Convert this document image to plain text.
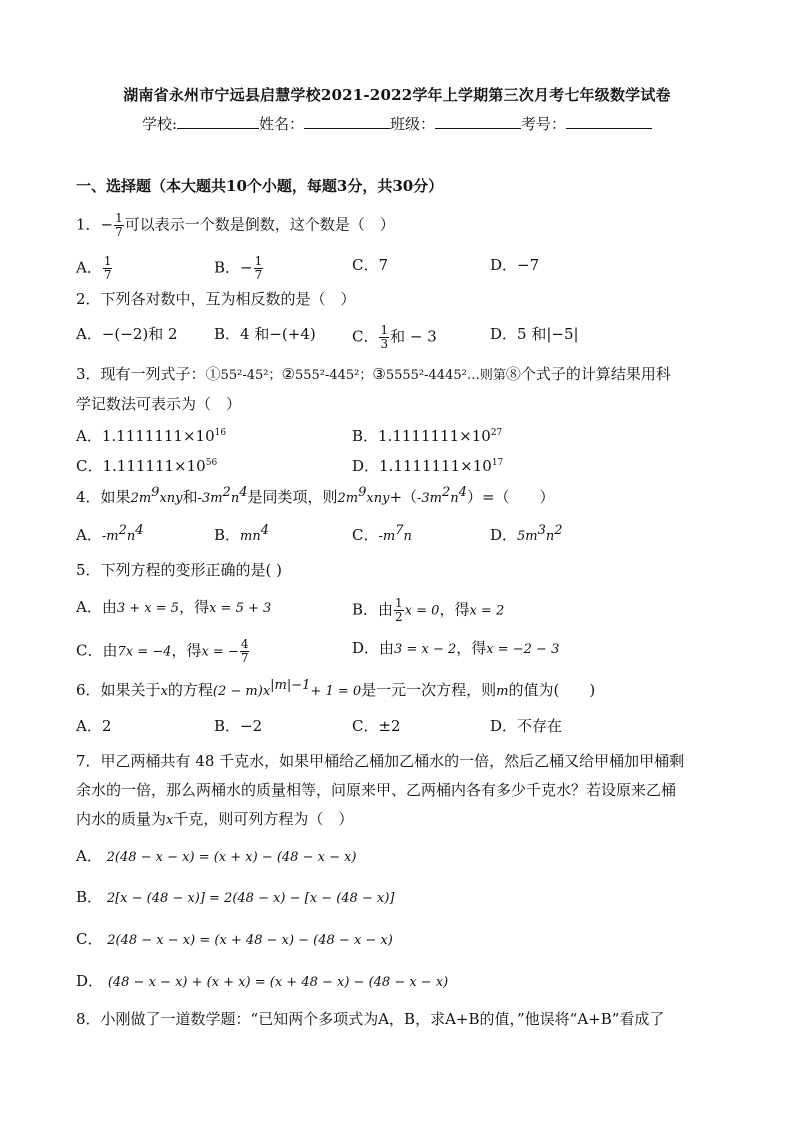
湖南省永州市宁远县启慧学校2021-2022学年上学期第三次月考七年级数学试卷
学校:	姓名：	班级：	考号：
一、选择题（本大题共10个小题，每题3分，共30分）
1．− $\frac{1}{7}$ 可以表示一个数是倒数，这个数是（　）
A． $\frac{1}{7}$	B．− $\frac{1}{7}$	C．7	D．−7
2．下列各对数中，互为相反数的是（　）
A．−(−2)和 2 B．4 和−(+4) C． $\frac{1}{3}$ 和 − 3	D．5 和|−5|
3．现有一列式子：①55²-45²；②555²-445²；③5555²-4445²…则第⑧个式子的计算结果用科
学记数法可表示为（　）
A．$1.1111111\times 10^{16}$	B．$1.1111111\times 10^{27}$
C．$1.111111\times 10^{56}$	D．$1.1111111\times 10^{17}$
4．如果$2m^9xny$和$-3m^2n^4$是同类项，则$2m^9xny+(-3m^2n^4)=$（　　）
A．$-m^2n^4$	B．$mn^4$	C．$-m^7n$	D．$5m^3n^2$
5．下列方程的变形正确的是( )
A．由3 + x = 5，得x = 5 + 3	B．由 $\frac{1}{2}$ x = 0，得x = 2
C．由7x = −4，得x = − $\frac{4}{7}$	D．由3 = x − 2，得x = −2 − 3
6．如果关于x的方程$(2 - m)x^{|m|-1}+ 1 = 0$是一元一次方程，则m的值为(　　)
A．2	B．−2	C．±2	D．不存在
7．甲乙两桶共有 48 千克水，如果甲桶给乙桶加乙桶水的一倍，然后乙桶又给甲桶加甲桶剩
余水的一倍，那么两桶水的质量相等，问原来甲、乙两桶内各有多少千克水？若设原来乙桶
内水的质量为x千克，则可列方程为（　）
A． 2(48 − x − x) = (x + x) − (48 − x − x)
B． 2[x − (48 − x)] = 2(48 − x) − [x − (48 − x)]
C． 2(48 − x − x) = (x + 48 − x) − (48 − x − x)
D． (48 − x − x) + (x + x) = (x + 48 − x) − (48 − x − x)
8．小刚做了一道数学题：“已知两个多项式为A，B，求A+B的值，”他误将“A+B”看成了
